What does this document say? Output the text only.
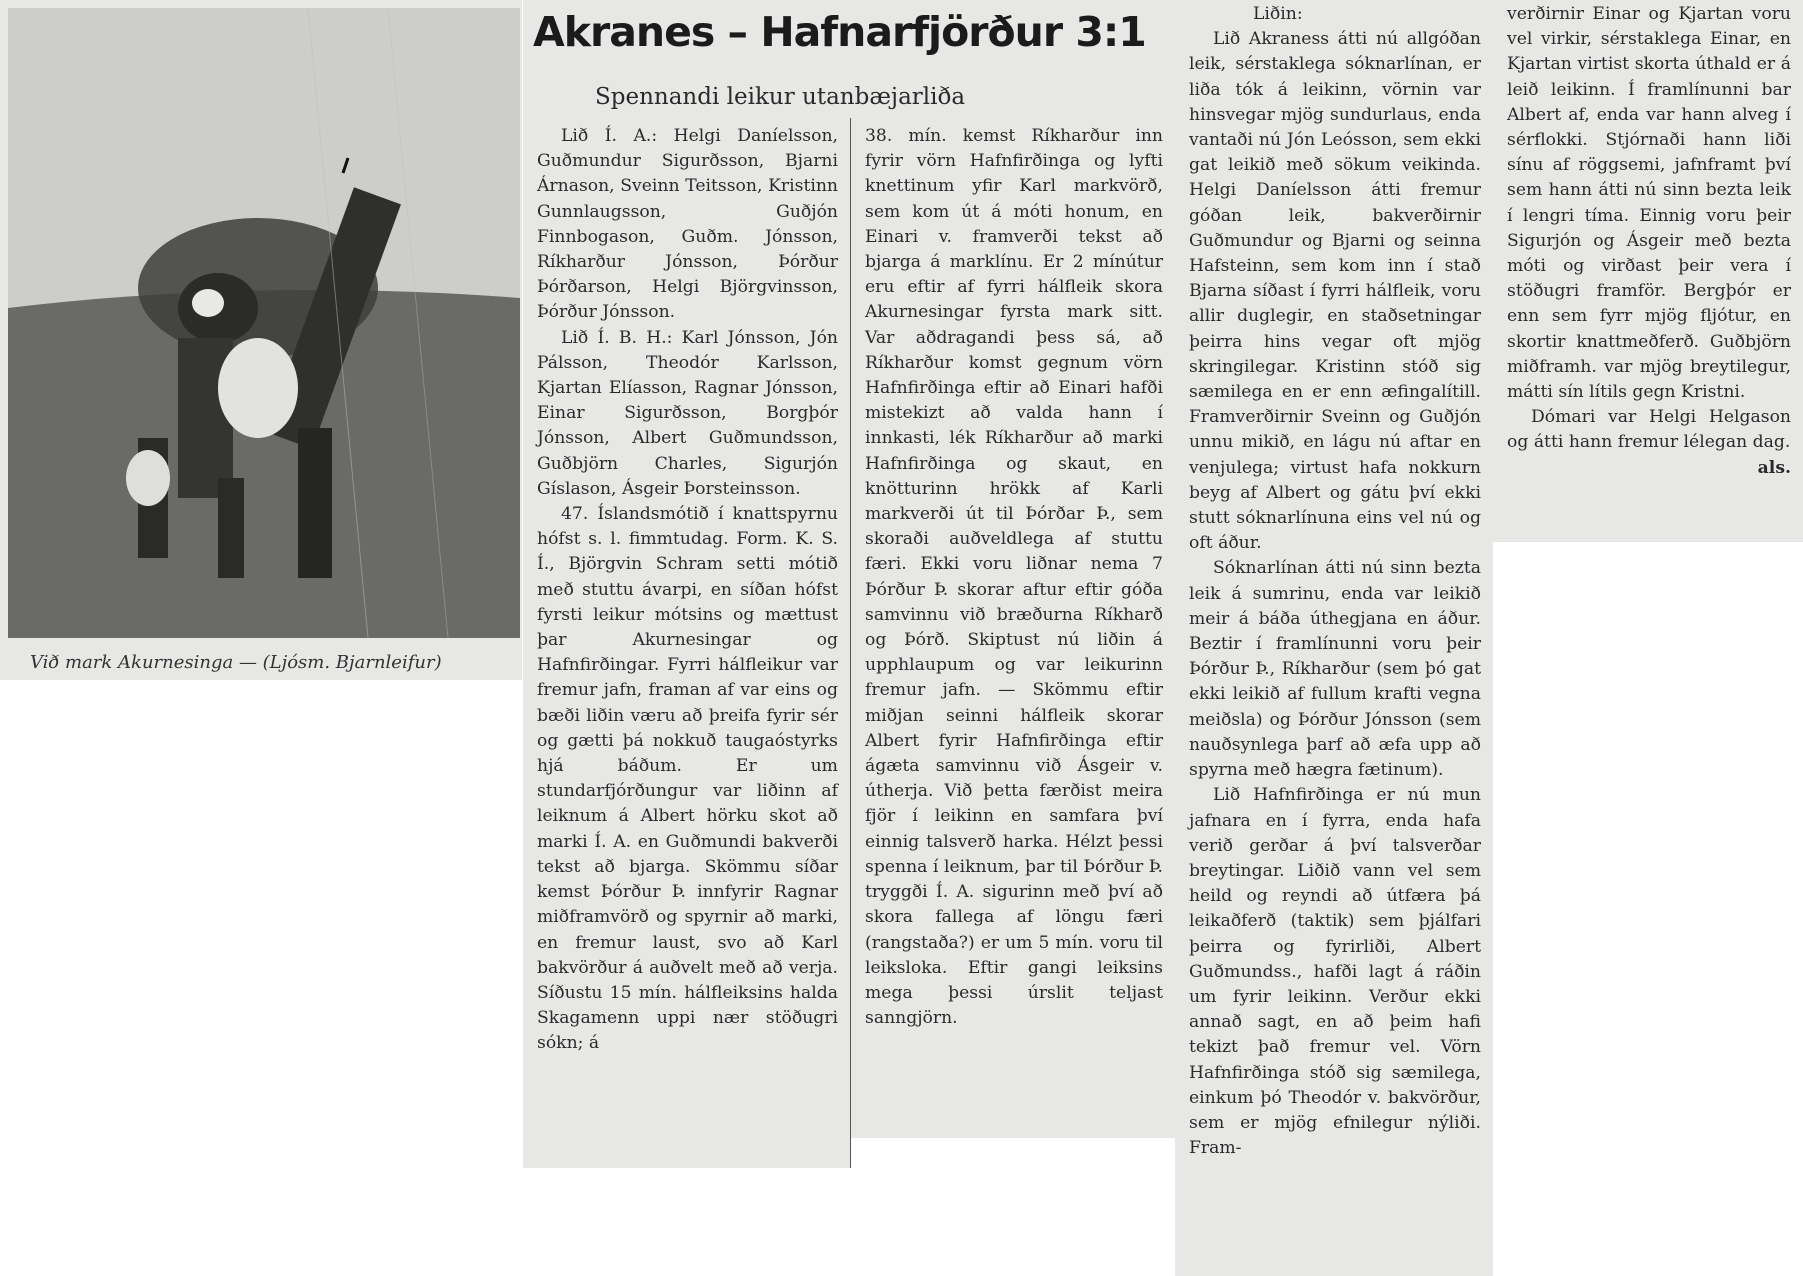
Við mark Akurnesinga — (Ljósm. Bjarnleifur)
Akranes – Hafnarfjörður 3:1
Spennandi leikur utanbæjarliða

Lið Í. A.: Helgi Daníelsson, Guðmundur Sigurðsson, Bjarni Árnason, Sveinn Teitsson, Kristinn Gunnlaugsson, Guðjón Finnbogason, Guðm. Jónsson, Ríkharður Jónsson, Þórður Þórðarson, Helgi Björgvinsson, Þórður Jónsson.

Lið Í. B. H.: Karl Jónsson, Jón Pálsson, Theodór Karlsson, Kjartan Elíasson, Ragnar Jónsson, Einar Sigurðsson, Borgþór Jónsson, Albert Guðmundsson, Guðbjörn Charles, Sigurjón Gíslason, Ásgeir Þorsteinsson.

47. Íslandsmótið í knattspyrnu hófst s. l. fimmtudag. Form. K. S. Í., Björgvin Schram setti mótið með stuttu ávarpi, en síðan hófst fyrsti leikur mótsins og mættust þar Akurnesingar og Hafnfirðingar. Fyrri hálfleikur var fremur jafn, framan af var eins og bæði liðin væru að þreifa fyrir sér og gætti þá nokkuð taugaóstyrks hjá báðum. Er um stundarfjórðungur var liðinn af leiknum á Albert hörku skot að marki Í. A. en Guðmundi bakverði tekst að bjarga. Skömmu síðar kemst Þórður Þ. innfyrir Ragnar miðframvörð og spyrnir að marki, en fremur laust, svo að Karl bakvörður á auðvelt með að verja. Síðustu 15 mín. hálfleiksins halda Skagamenn uppi nær stöðugri sókn; á

38. mín. kemst Ríkharður inn fyrir vörn Hafnfirðinga og lyfti knettinum yfir Karl markvörð, sem kom út á móti honum, en Einari v. framverði tekst að bjarga á marklínu. Er 2 mínútur eru eftir af fyrri hálfleik skora Akurnesingar fyrsta mark sitt. Var aðdragandi þess sá, að Ríkharður komst gegnum vörn Hafnfirðinga eftir að Einari hafði mistekizt að valda hann í innkasti, lék Ríkharður að marki Hafnfirðinga og skaut, en knötturinn hrökk af Karli markverði út til Þórðar Þ., sem skoraði auðveldlega af stuttu færi. Ekki voru liðnar nema 7 Þórður Þ. skorar aftur eftir góða samvinnu við bræðurna Ríkharð og Þórð. Skiptust nú liðin á upphlaupum og var leikurinn fremur jafn. — Skömmu eftir miðjan seinni hálfleik skorar Albert fyrir Hafnfirðinga eftir ágæta samvinnu við Ásgeir v. útherja. Við þetta færðist meira fjör í leikinn en samfara því einnig talsverð harka. Hélzt þessi spenna í leiknum, þar til Þórður Þ. tryggði Í. A. sigurinn með því að skora fallega af löngu færi (rangstaða?) er um 5 mín. voru til leiksloka. Eftir gangi leiksins mega þessi úrslit teljast sanngjörn.

Liðin:

Lið Akraness átti nú allgóðan leik, sérstaklega sóknarlínan, er liða tók á leikinn, vörnin var hinsvegar mjög sundurlaus, enda vantaði nú Jón Leósson, sem ekki gat leikið með sökum veikinda. Helgi Daníelsson átti fremur góðan leik, bakverðirnir Guðmundur og Bjarni og seinna Hafsteinn, sem kom inn í stað Bjarna síðast í fyrri hálfleik, voru allir duglegir, en staðsetningar þeirra hins vegar oft mjög skringilegar. Kristinn stóð sig sæmilega en er enn æfingalítill. Framverðirnir Sveinn og Guðjón unnu mikið, en lágu nú aftar en venjulega; virtust hafa nokkurn beyg af Albert og gátu því ekki stutt sóknarlínuna eins vel nú og oft áður.

Sóknarlínan átti nú sinn bezta leik á sumrinu, enda var leikið meir á báða úthegjana en áður. Beztir í framlínunni voru þeir Þórður Þ., Ríkharður (sem þó gat ekki leikið af fullum krafti vegna meiðsla) og Þórður Jónsson (sem nauðsynlega þarf að æfa upp að spyrna með hægra fætinum).

Lið Hafnfirðinga er nú mun jafnara en í fyrra, enda hafa verið gerðar á því talsverðar breytingar. Liðið vann vel sem heild og reyndi að útfæra þá leikaðferð (taktik) sem þjálfari þeirra og fyrirliði, Albert Guðmundss., hafði lagt á ráðin um fyrir leikinn. Verður ekki annað sagt, en að þeim hafi tekizt það fremur vel. Vörn Hafnfirðinga stóð sig sæmilega, einkum þó Theodór v. bakvörður, sem er mjög efnilegur nýliði. Fram-

verðirnir Einar og Kjartan voru vel virkir, sérstaklega Einar, en Kjartan virtist skorta úthald er á leið leikinn. Í framlínunni bar Albert af, enda var hann alveg í sérflokki. Stjórnaði hann liði sínu af röggsemi, jafnframt því sem hann átti nú sinn bezta leik í lengri tíma. Einnig voru þeir Sigurjón og Ásgeir með bezta móti og virðast þeir vera í stöðugri framför. Bergþór er enn sem fyrr mjög fljótur, en skortir knattmeðferð. Guðbjörn miðframh. var mjög breytilegur, mátti sín lítils gegn Kristni.

Dómari var Helgi Helgason og átti hann fremur lélegan dag.

als.
